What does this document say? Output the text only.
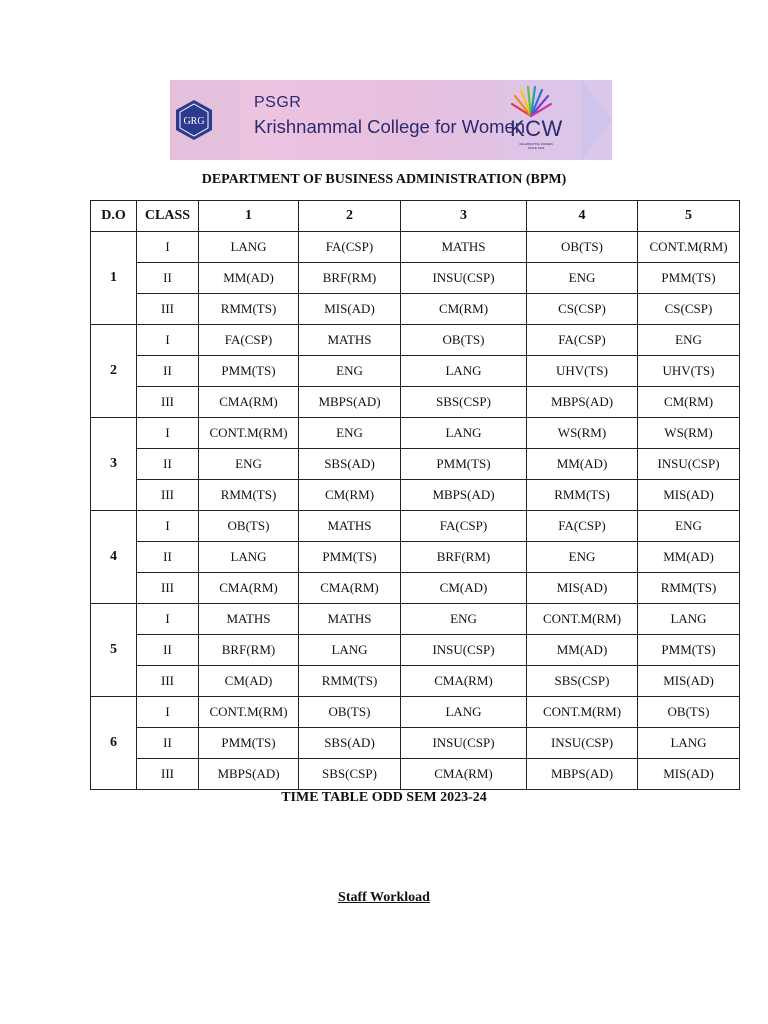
GRG
PSGR
Krishnammal College for Women
KCW
CELEBRATING WOMEN SINCE 1963
DEPARTMENT OF BUSINESS ADMINISTRATION (BPM)
D.O	CLASS	1	2	3	4	5
1	I	LANG	FA(CSP)	MATHS	OB(TS)	CONT.M(RM)
	II	MM(AD)	BRF(RM)	INSU(CSP)	ENG	PMM(TS)
	III	RMM(TS)	MIS(AD)	CM(RM)	CS(CSP)	CS(CSP)
2	I	FA(CSP)	MATHS	OB(TS)	FA(CSP)	ENG
	II	PMM(TS)	ENG	LANG	UHV(TS)	UHV(TS)
	III	CMA(RM)	MBPS(AD)	SBS(CSP)	MBPS(AD)	CM(RM)
3	I	CONT.M(RM)	ENG	LANG	WS(RM)	WS(RM)
	II	ENG	SBS(AD)	PMM(TS)	MM(AD)	INSU(CSP)
	III	RMM(TS)	CM(RM)	MBPS(AD)	RMM(TS)	MIS(AD)
4	I	OB(TS)	MATHS	FA(CSP)	FA(CSP)	ENG
	II	LANG	PMM(TS)	BRF(RM)	ENG	MM(AD)
	III	CMA(RM)	CMA(RM)	CM(AD)	MIS(AD)	RMM(TS)
5	I	MATHS	MATHS	ENG	CONT.M(RM)	LANG
	II	BRF(RM)	LANG	INSU(CSP)	MM(AD)	PMM(TS)
	III	CM(AD)	RMM(TS)	CMA(RM)	SBS(CSP)	MIS(AD)
6	I	CONT.M(RM)	OB(TS)	LANG	CONT.M(RM)	OB(TS)
	II	PMM(TS)	SBS(AD)	INSU(CSP)	INSU(CSP)	LANG
	III	MBPS(AD)	SBS(CSP)	CMA(RM)	MBPS(AD)	MIS(AD)
TIME TABLE ODD SEM 2023-24
Staff Workload
